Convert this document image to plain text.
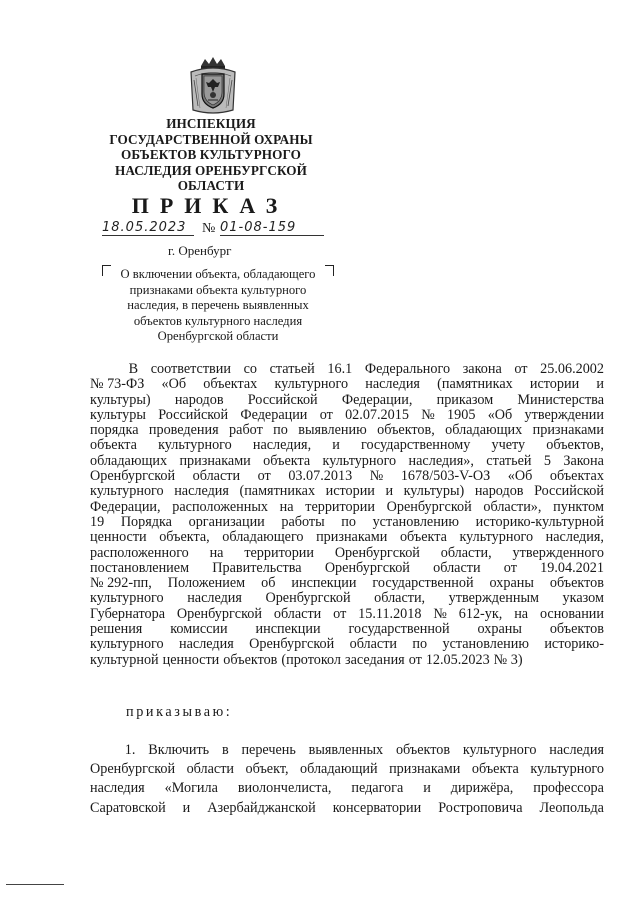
ИНСПЕКЦИЯ
ГОСУДАРСТВЕННОЙ ОХРАНЫ
ОБЪЕКТОВ КУЛЬТУРНОГО
НАСЛЕДИЯ ОРЕНБУРГСКОЙ
ОБЛАСТИ
ПРИКАЗ
18.05.2023	№ 01-08-159
г. Оренбург
О включении объекта, обладающего
признаками объекта культурного
наследия, в перечень выявленных
объектов культурного наследия
Оренбургской области
В соответствии со статьей 16.1 Федерального закона от 25.06.2002
№ 73-ФЗ «Об объектах культурного наследия (памятниках истории и
культуры) народов Российской Федерации, приказом Министерства
культуры Российской Федерации от 02.07.2015 № 1905 «Об утверждении
порядка проведения работ по выявлению объектов, обладающих признаками
объекта культурного наследия, и государственному учету объектов,
обладающих признаками объекта культурного наследия», статьей 5 Закона
Оренбургской области от 03.07.2013 № 1678/503-V-ОЗ «Об объектах
культурного наследия (памятниках истории и культуры) народов Российской
Федерации, расположенных на территории Оренбургской области», пунктом
19 Порядка организации работы по установлению историко-культурной
ценности объекта, обладающего признаками объекта культурного наследия,
расположенного на территории Оренбургской области, утвержденного
постановлением Правительства Оренбургской области от 19.04.2021
№ 292-пп, Положением об инспекции государственной охраны объектов
культурного наследия Оренбургской области, утвержденным указом
Губернатора Оренбургской области от 15.11.2018 № 612-ук, на основании
решения комиссии инспекции государственной охраны объектов
культурного наследия Оренбургской области по установлению историко-
культурной ценности объектов (протокол заседания от 12.05.2023 № 3)
приказываю:
1. Включить в перечень выявленных объектов культурного наследия
Оренбургской области объект, обладающий признаками объекта культурного
наследия «Могила виолончелиста, педагога и дирижёра, профессора
Саратовской и Азербайджанской консерватории Ростроповича Леопольда
